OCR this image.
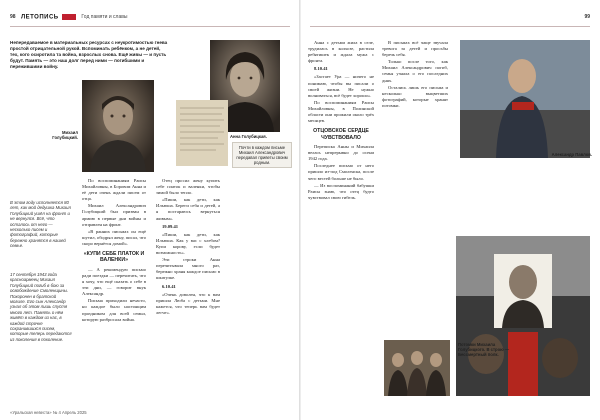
98 ЛЕТОПИСЬ	Год памяти и славы	99
Непередаваемое в материальных ресурсах с неукротимостью гнева простой отрицательной рукой. Вспоминать ребёнком, а не детей, тех, кого осиротила та война, взрослых снова. Ещё живы — и пусть будут. Память — это наш долг перед ними — погибшими и пережившими войну.
Михаил Голубицкий.	Анна Голубицкая.
Почти в каждом письме Михаил Александрович передавал приветы своим родным.
В этом году исполняется 80 лет, как мой дедушка Михаил Голубицкий ушёл на фронт и не вернулся. Всё, что осталось от него — несколько писем и фотографий, которые бережно хранятся в нашей семье.
17 сентября 1943 года красноармеец Михаил Голубицкий погиб в бою за освобождение Смоленщины. Похоронен в братской могиле. Его сын Александр узнал об этом лишь спустя много лет. Память о нём живёт в каждом из нас, в каждой строчке сохранившихся писем, которые теперь передаются из поколения в поколение.

По воспоминаниям Раисы Михайловны, в Боровом Анна и её дети очень ждали писем от отца.

Михаил Александрович Голубицкий был призван в армию в первые дни войны и отправлен на фронт.

«В ранних письмах он ещё шутил, ободрял жену, писал, что скоро вернётся домой».

«КУПИ СЕБЕ ПЛАТОК И ВАЛЕНКИ»

— А рекомендую письмо ради поездки — перечитать, что я хочу, что ещё сказать о себе в эти дни, — говорит внук Александр.

Письма приходили нечасто, но каждое было настоящим праздником для всей семьи, которую разбросала война.

Отец просил жену купить себе платок и валенки, чтобы зимой было тепло.

«Пиши, как дети, как Ильюша. Береги себя и детей, а я постараюсь вернуться живым».

19.09.41

«Пиши, как дети, как Ильюша. Как у вас с хлебом? Купи корову, если будет возможность».

Эти строки Анна перечитывала много раз, бережно храня каждое письмо в шкатулке.

6.10.41

«Очень доволен, что к вам пришла Люба с детьми. Мне кажется, что теперь вам будет легче».

Анна с детьми жила в селе, трудилась в колхозе, растила ребятишек и ждала мужа с фронта.

8.10.41

«Застает Ура — ничего не понимаю, чтобы вы писали о своей жизни. Не нужно волноваться, всё будет хорошо».

По воспоминаниям Раисы Михайловны, в Полинской области они прожили около трёх месяцев.

ОТЦОВСКОЕ СЕРДЦЕ ЧУВСТВОВАЛО

Переписка Анны и Михаила велась непрерывно до осени 1942 года.

Последнее письмо от него пришло из-под Смоленска, после чего вестей больше не было.

— Из воспоминаний бабушки Раисы знаю, что отец будто чувствовал свою гибель.

В письмах всё чаще звучала тревога за детей и просьбы беречь себя.

Только после того, как Михаил Александрович погиб, семья узнала о его последних днях.

Остались лишь его письма и несколько выцветших фотографий, которые хранят потомки.

Александр Павлов.
Потомки Михаила Голубицкого. В строю — Бессмертный полк.
«Уральская невеста» № 4 Апрель 2025
